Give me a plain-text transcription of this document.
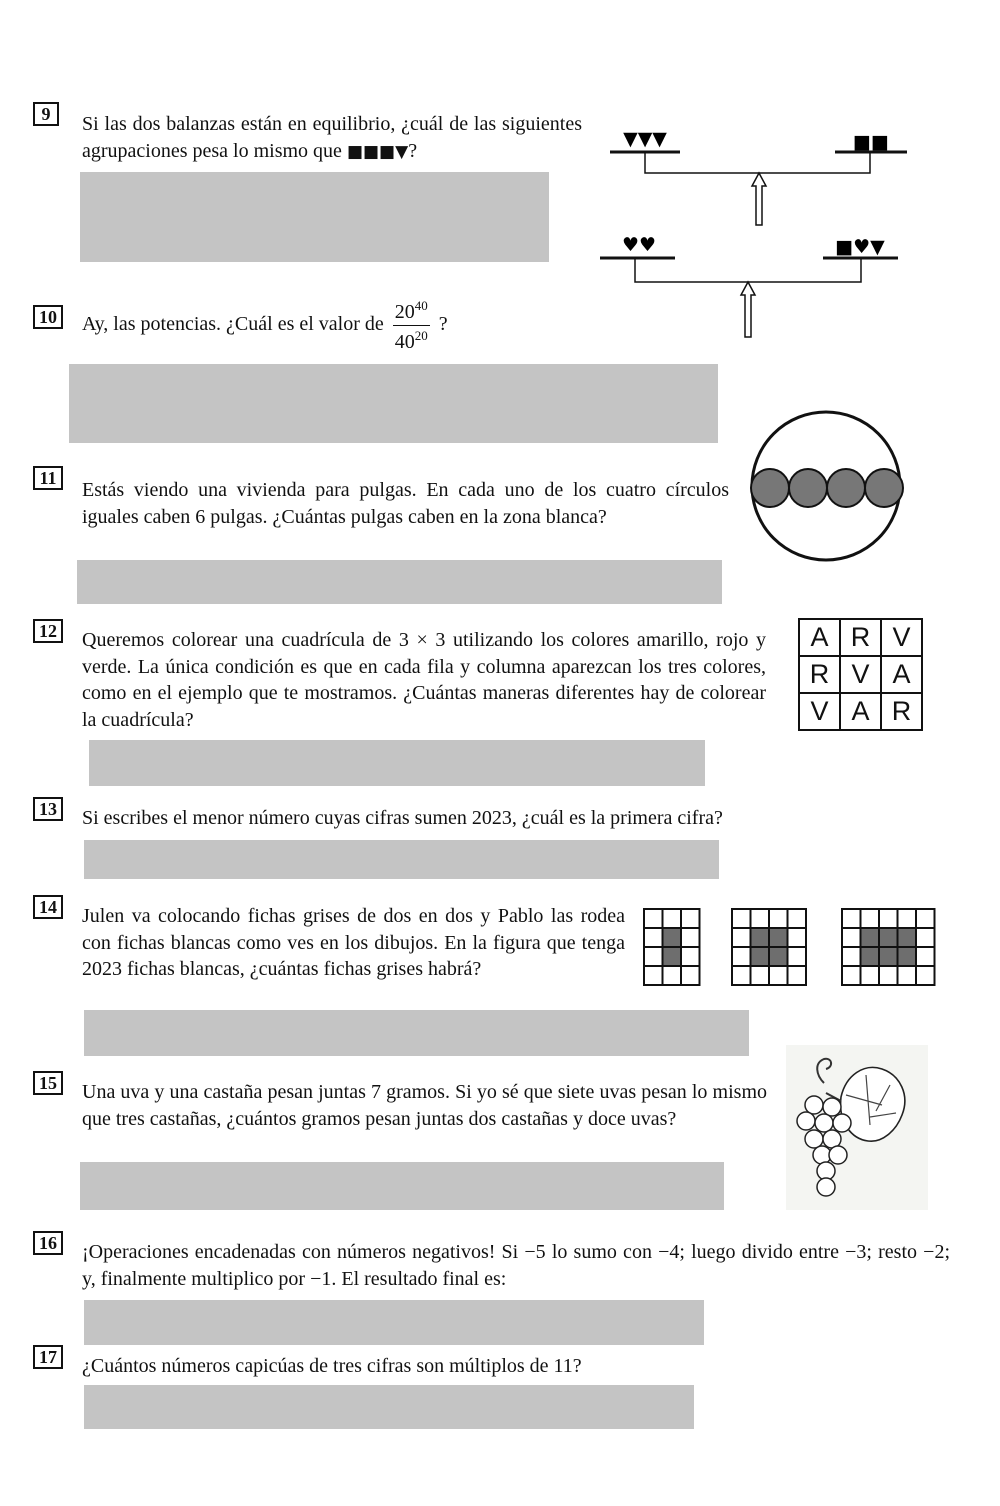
9	Si las dos balanzas están en equilibrio, ¿cuál de las siguientes agrupaciones pesa lo mismo que ■■■▼?
▼▼▼	■■
♥♥	■♥▼
10	Ay, las potencias. ¿Cuál es el valor de $\frac{20^{40}}{40^{20}}$ ?
11
Estás viendo una vivienda para pulgas. En cada uno de los cuatro círculos iguales caben 6 pulgas. ¿Cuántas pulgas caben en la zona blanca?
12	Queremos colorear una cuadrícula de 3 × 3 utilizando los colores amarillo, rojo y verde. La única condición es que en cada fila y columna aparezcan los tres colores, como en el ejemplo que te mostramos. ¿Cuántas maneras diferentes hay de colorear la cuadrícula?
A	R	V
R	V	A
V	A	R
13	Si escribes el menor número cuyas cifras sumen 2023, ¿cuál es la primera cifra?
14	Julen va colocando fichas grises de dos en dos y Pablo las rodea con fichas blancas como ves en los dibujos. En la figura que tenga 2023 fichas blancas, ¿cuántas fichas grises habrá?
15	Una uva y una castaña pesan juntas 7 gramos. Si yo sé que siete uvas pesan lo mismo que tres castañas, ¿cuántos gramos pesan juntas dos castañas y doce uvas?
16	¡Operaciones encadenadas con números negativos! Si −5 lo sumo con −4; luego divido entre −3; resto −2; y, finalmente multiplico por −1. El resultado final es:
17	¿Cuántos números capicúas de tres cifras son múltiplos de 11?
